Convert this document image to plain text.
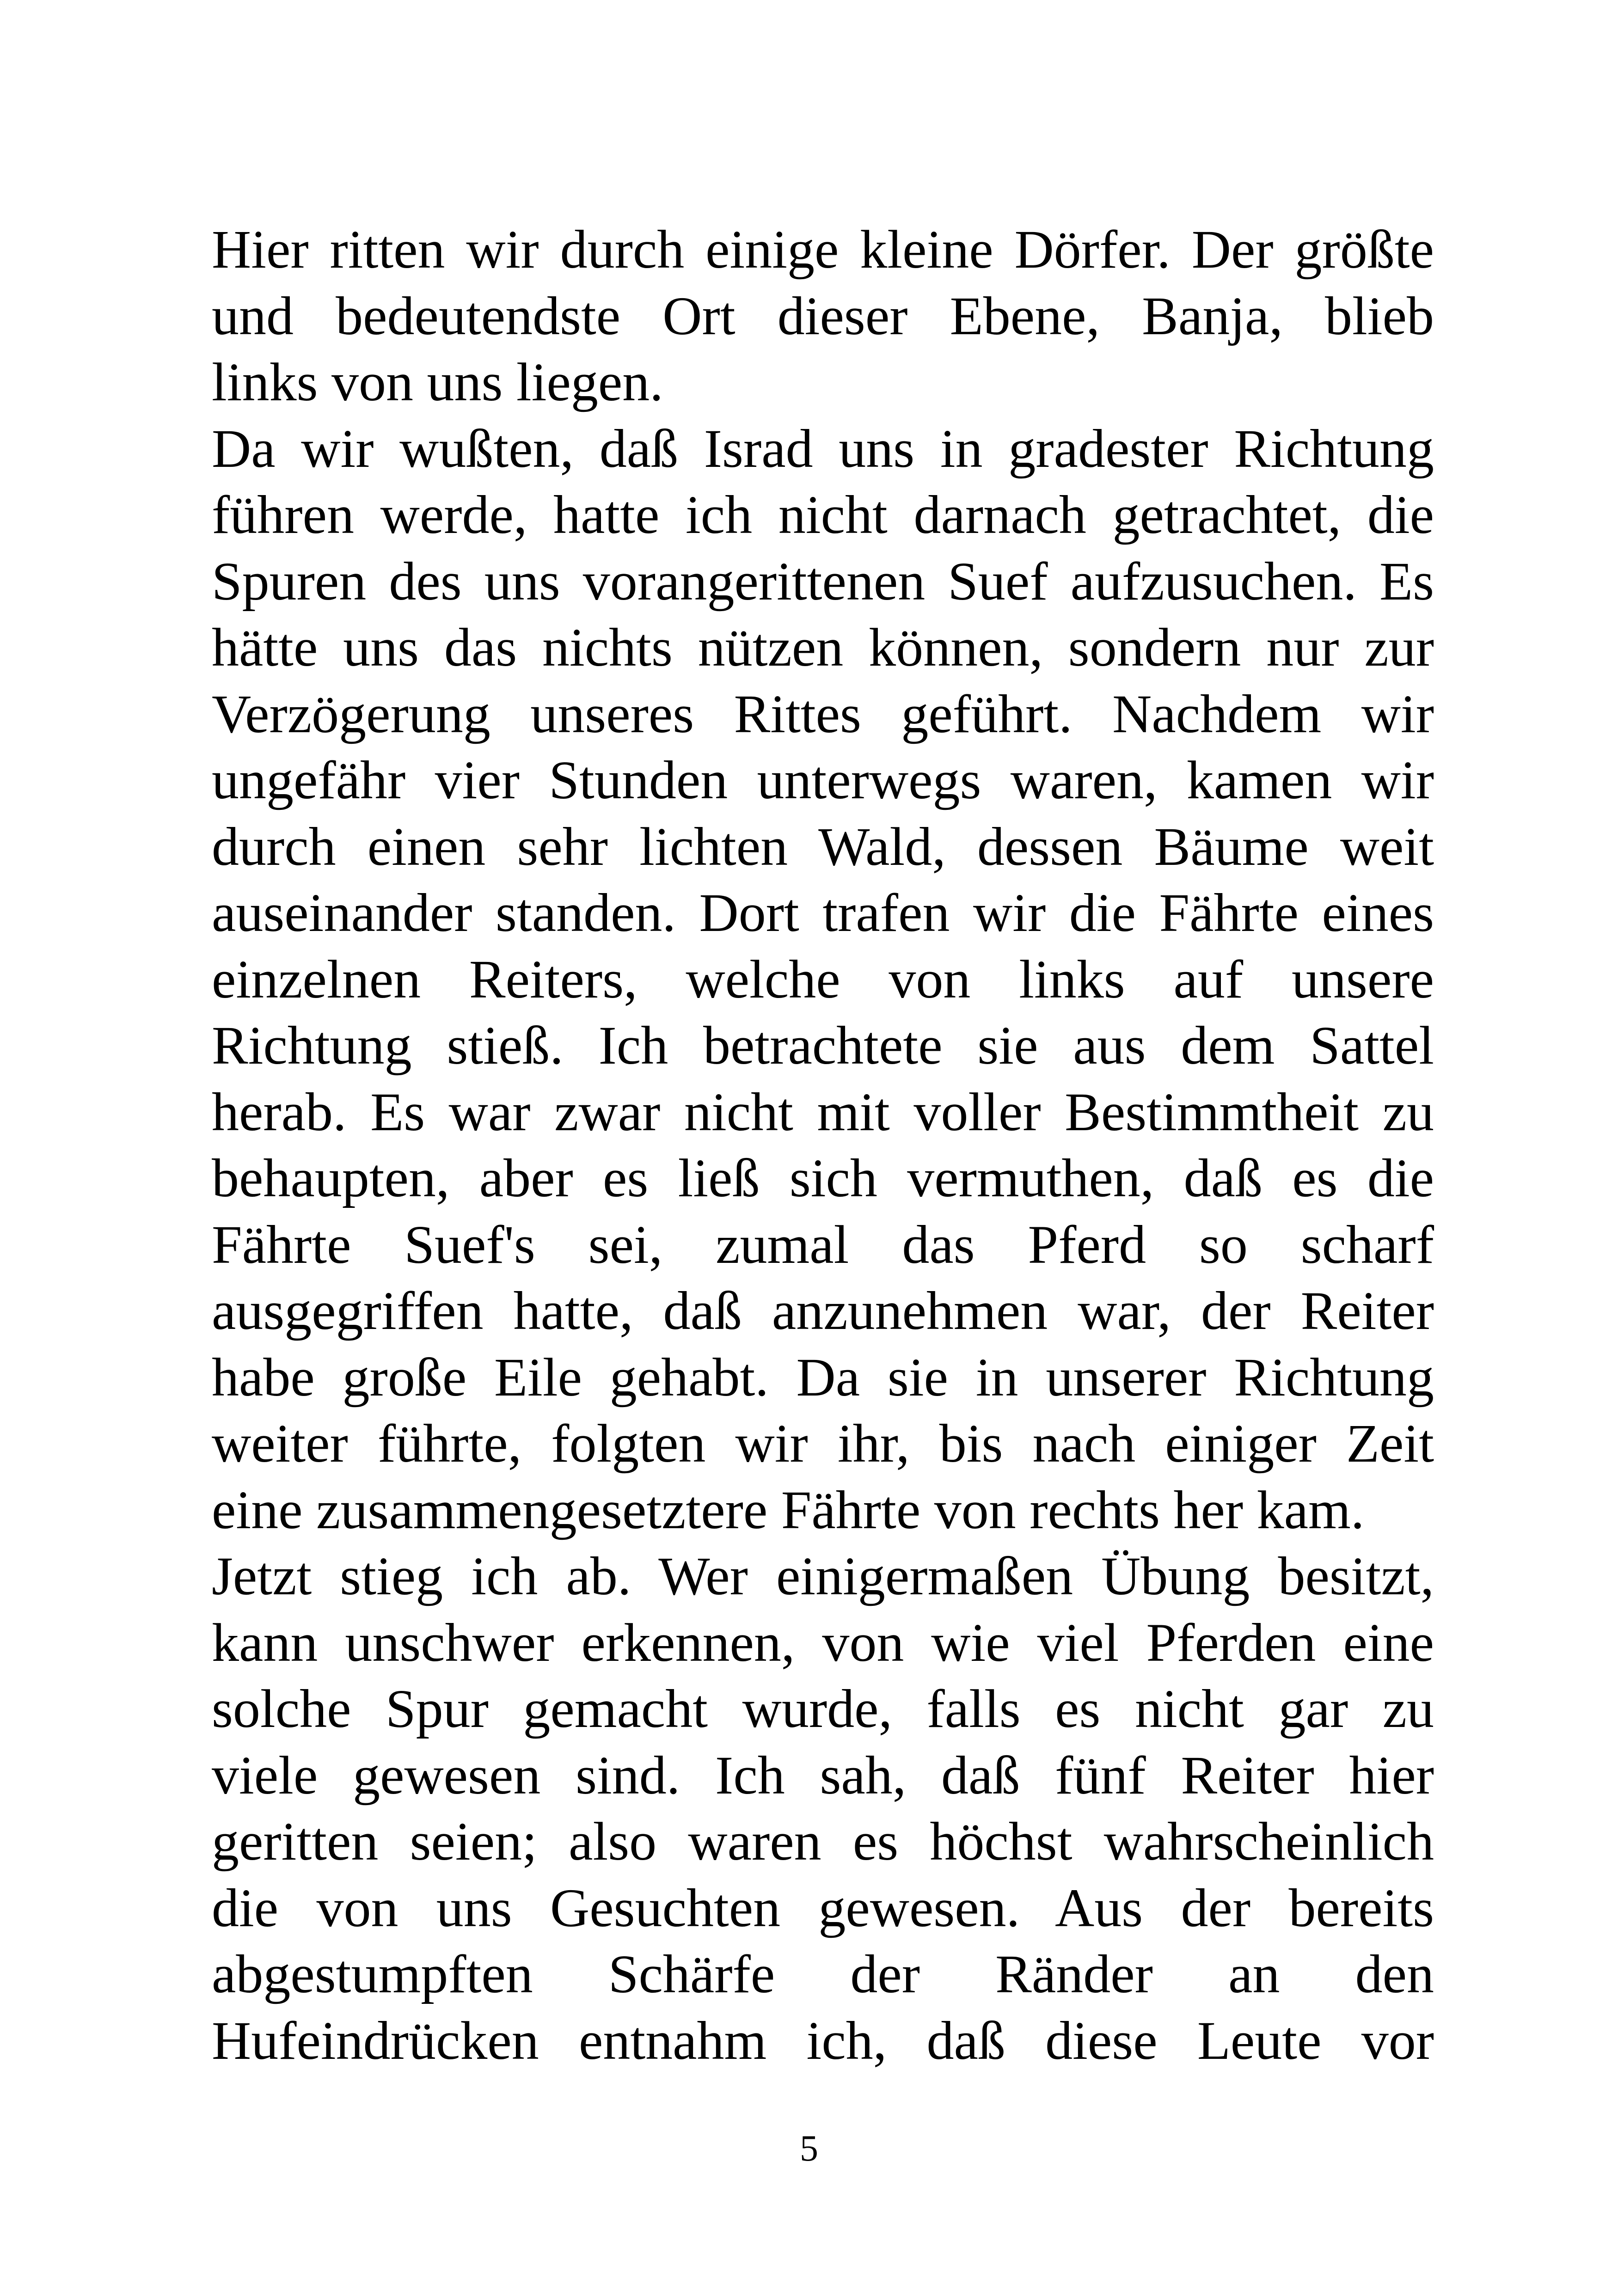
Hier ritten wir durch einige kleine Dörfer. Der größte
und bedeutendste Ort dieser Ebene, Banja, blieb
links von uns liegen.
Da wir wußten, daß Israd uns in gradester Richtung
führen werde, hatte ich nicht darnach getrachtet, die
Spuren des uns vorangerittenen Suef aufzusuchen. Es
hätte uns das nichts nützen können, sondern nur zur
Verzögerung unseres Rittes geführt. Nachdem wir
ungefähr vier Stunden unterwegs waren, kamen wir
durch einen sehr lichten Wald, dessen Bäume weit
auseinander standen. Dort trafen wir die Fährte eines
einzelnen Reiters, welche von links auf unsere
Richtung stieß. Ich betrachtete sie aus dem Sattel
herab. Es war zwar nicht mit voller Bestimmtheit zu
behaupten, aber es ließ sich vermuthen, daß es die
Fährte Suef's sei, zumal das Pferd so scharf
ausgegriffen hatte, daß anzunehmen war, der Reiter
habe große Eile gehabt. Da sie in unserer Richtung
weiter führte, folgten wir ihr, bis nach einiger Zeit
eine zusammengesetztere Fährte von rechts her kam.
Jetzt stieg ich ab. Wer einigermaßen Übung besitzt,
kann unschwer erkennen, von wie viel Pferden eine
solche Spur gemacht wurde, falls es nicht gar zu
viele gewesen sind. Ich sah, daß fünf Reiter hier
geritten seien; also waren es höchst wahrscheinlich
die von uns Gesuchten gewesen. Aus der bereits
abgestumpften Schärfe der Ränder an den
Hufeindrücken entnahm ich, daß diese Leute vor
5
